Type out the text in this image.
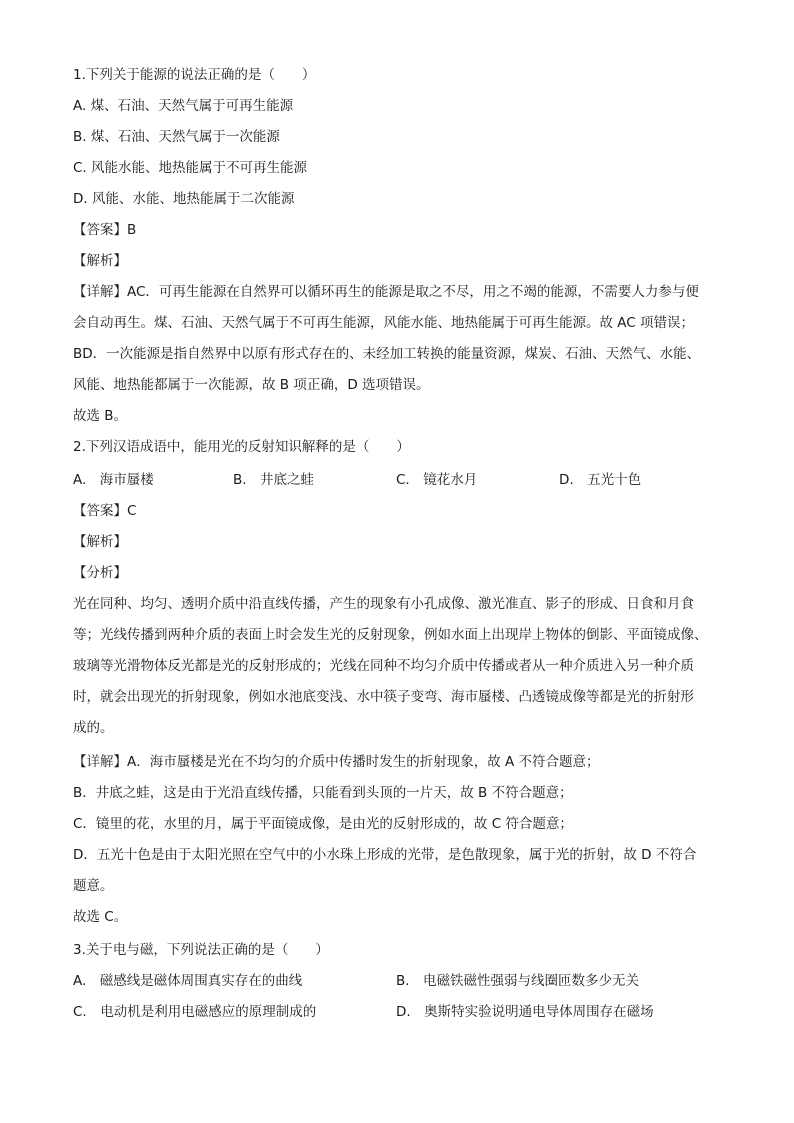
1.下列关于能源的说法正确的是（　　）
A. 煤、石油、天然气属于可再生能源
B. 煤、石油、天然气属于一次能源
C. 风能水能、地热能属于不可再生能源
D. 风能、水能、地热能属于二次能源
【答案】B
【解析】
【详解】AC．可再生能源在自然界可以循环再生的能源是取之不尽，用之不竭的能源，不需要人力参与便
会自动再生。煤、石油、天然气属于不可再生能源，风能水能、地热能属于可再生能源。故 AC 项错误；
BD．一次能源是指自然界中以原有形式存在的、未经加工转换的能量资源，煤炭、石油、天然气、水能、
风能、地热能都属于一次能源，故 B 项正确，D 选项错误。
故选 B。
2.下列汉语成语中，能用光的反射知识解释的是（　　）
A.　海市蜃楼	B.　井底之蛙	C.　镜花水月	D.　五光十色
【答案】C
【解析】
【分析】
光在同种、均匀、透明介质中沿直线传播，产生的现象有小孔成像、激光准直、影子的形成、日食和月食
等；光线传播到两种介质的表面上时会发生光的反射现象，例如水面上出现岸上物体的倒影、平面镜成像、
玻璃等光滑物体反光都是光的反射形成的；光线在同种不均匀介质中传播或者从一种介质进入另一种介质
时，就会出现光的折射现象，例如水池底变浅、水中筷子变弯、海市蜃楼、凸透镜成像等都是光的折射形
成的。
【详解】A．海市蜃楼是光在不均匀的介质中传播时发生的折射现象，故 A 不符合题意；
B．井底之蛙，这是由于光沿直线传播，只能看到头顶的一片天，故 B 不符合题意；
C．镜里的花，水里的月，属于平面镜成像，是由光的反射形成的，故 C 符合题意；
D．五光十色是由于太阳光照在空气中的小水珠上形成的光带，是色散现象，属于光的折射，故 D 不符合
题意。
故选 C。
3.关于电与磁，下列说法正确的是（　　）
A.　磁感线是磁体周围真实存在的曲线	B.　电磁铁磁性强弱与线圈匝数多少无关
C.　电动机是利用电磁感应的原理制成的	D.　奥斯特实验说明通电导体周围存在磁场
